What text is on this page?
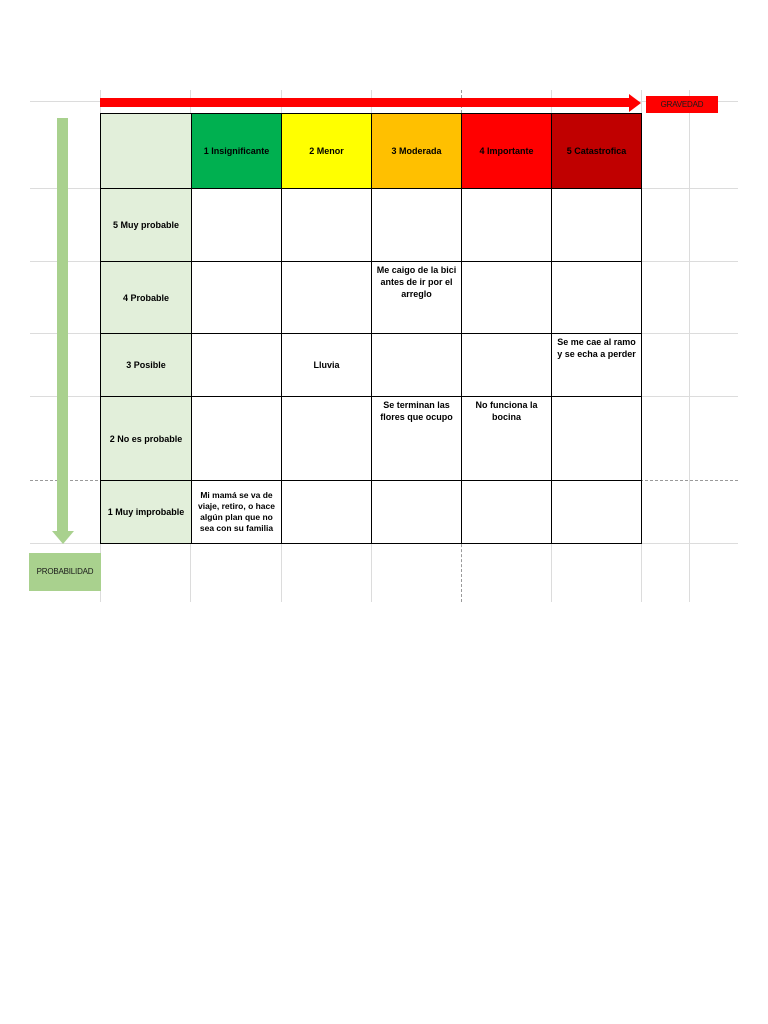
GRAVEDAD
PROBABILIDAD
	1 Insignificante	2 Menor	3 Moderada	4 Importante	5 Catastrofica
5 Muy probable					
4 Probable			Me caigo de la bici antes de ir por el arreglo		
3 Posible		Lluvia			Se me cae al ramo y se echa a perder
2 No es probable			Se terminan las flores que ocupo	No funciona la bocina	
1 Muy improbable	Mi mamá se va de viaje, retiro, o hace algún plan que no sea con su familia				
